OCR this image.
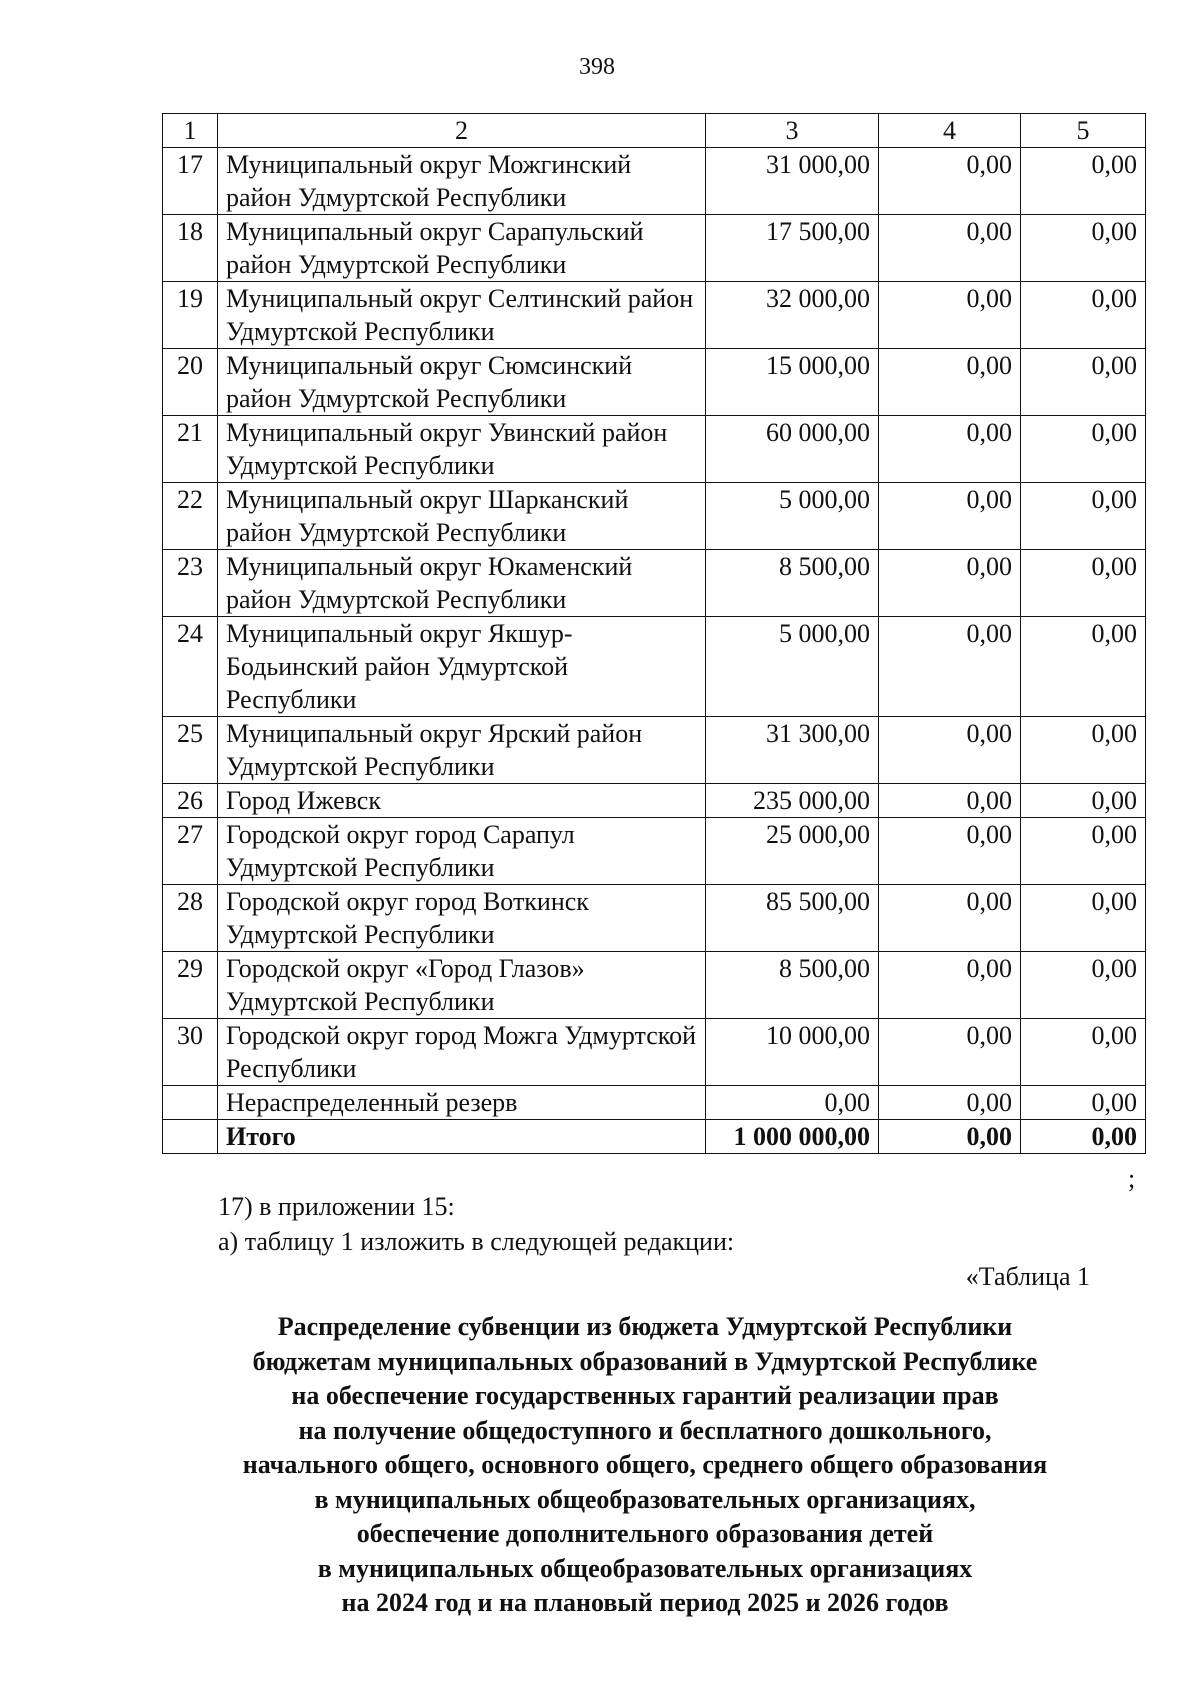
398
1	2	3	4	5
17	Муниципальный округ Можгинский район Удмуртской Республики	31 000,00	0,00	0,00
18	Муниципальный округ Сарапульский район Удмуртской Республики	17 500,00	0,00	0,00
19	Муниципальный округ Селтинский район Удмуртской Республики	32 000,00	0,00	0,00
20	Муниципальный округ Сюмсинский район Удмуртской Республики	15 000,00	0,00	0,00
21	Муниципальный округ Увинский район Удмуртской Республики	60 000,00	0,00	0,00
22	Муниципальный округ Шарканский район Удмуртской Республики	5 000,00	0,00	0,00
23	Муниципальный округ Юкаменский район Удмуртской Республики	8 500,00	0,00	0,00
24	Муниципальный округ Якшур-Бодьинский район Удмуртской Республики	5 000,00	0,00	0,00
25	Муниципальный округ Ярский район Удмуртской Республики	31 300,00	0,00	0,00
26	Город Ижевск	235 000,00	0,00	0,00
27	Городской округ город Сарапул Удмуртской Республики	25 000,00	0,00	0,00
28	Городской округ город Воткинск Удмуртской Республики	85 500,00	0,00	0,00
29	Городской округ «Город Глазов» Удмуртской Республики	8 500,00	0,00	0,00
30	Городской округ город Можга Удмуртской Республики	10 000,00	0,00	0,00
	Нераспределенный резерв	0,00	0,00	0,00
	Итого	1 000 000,00	0,00	0,00
;
17) в приложении 15:
а) таблицу 1 изложить в следующей редакции:
«Таблица 1
Распределение субвенции из бюджета Удмуртской Республики
бюджетам муниципальных образований в Удмуртской Республике
на обеспечение государственных гарантий реализации прав
на получение общедоступного и бесплатного дошкольного,
начального общего, основного общего, среднего общего образования
в муниципальных общеобразовательных организациях,
обеспечение дополнительного образования детей
в муниципальных общеобразовательных организациях
на 2024 год и на плановый период 2025 и 2026 годов
